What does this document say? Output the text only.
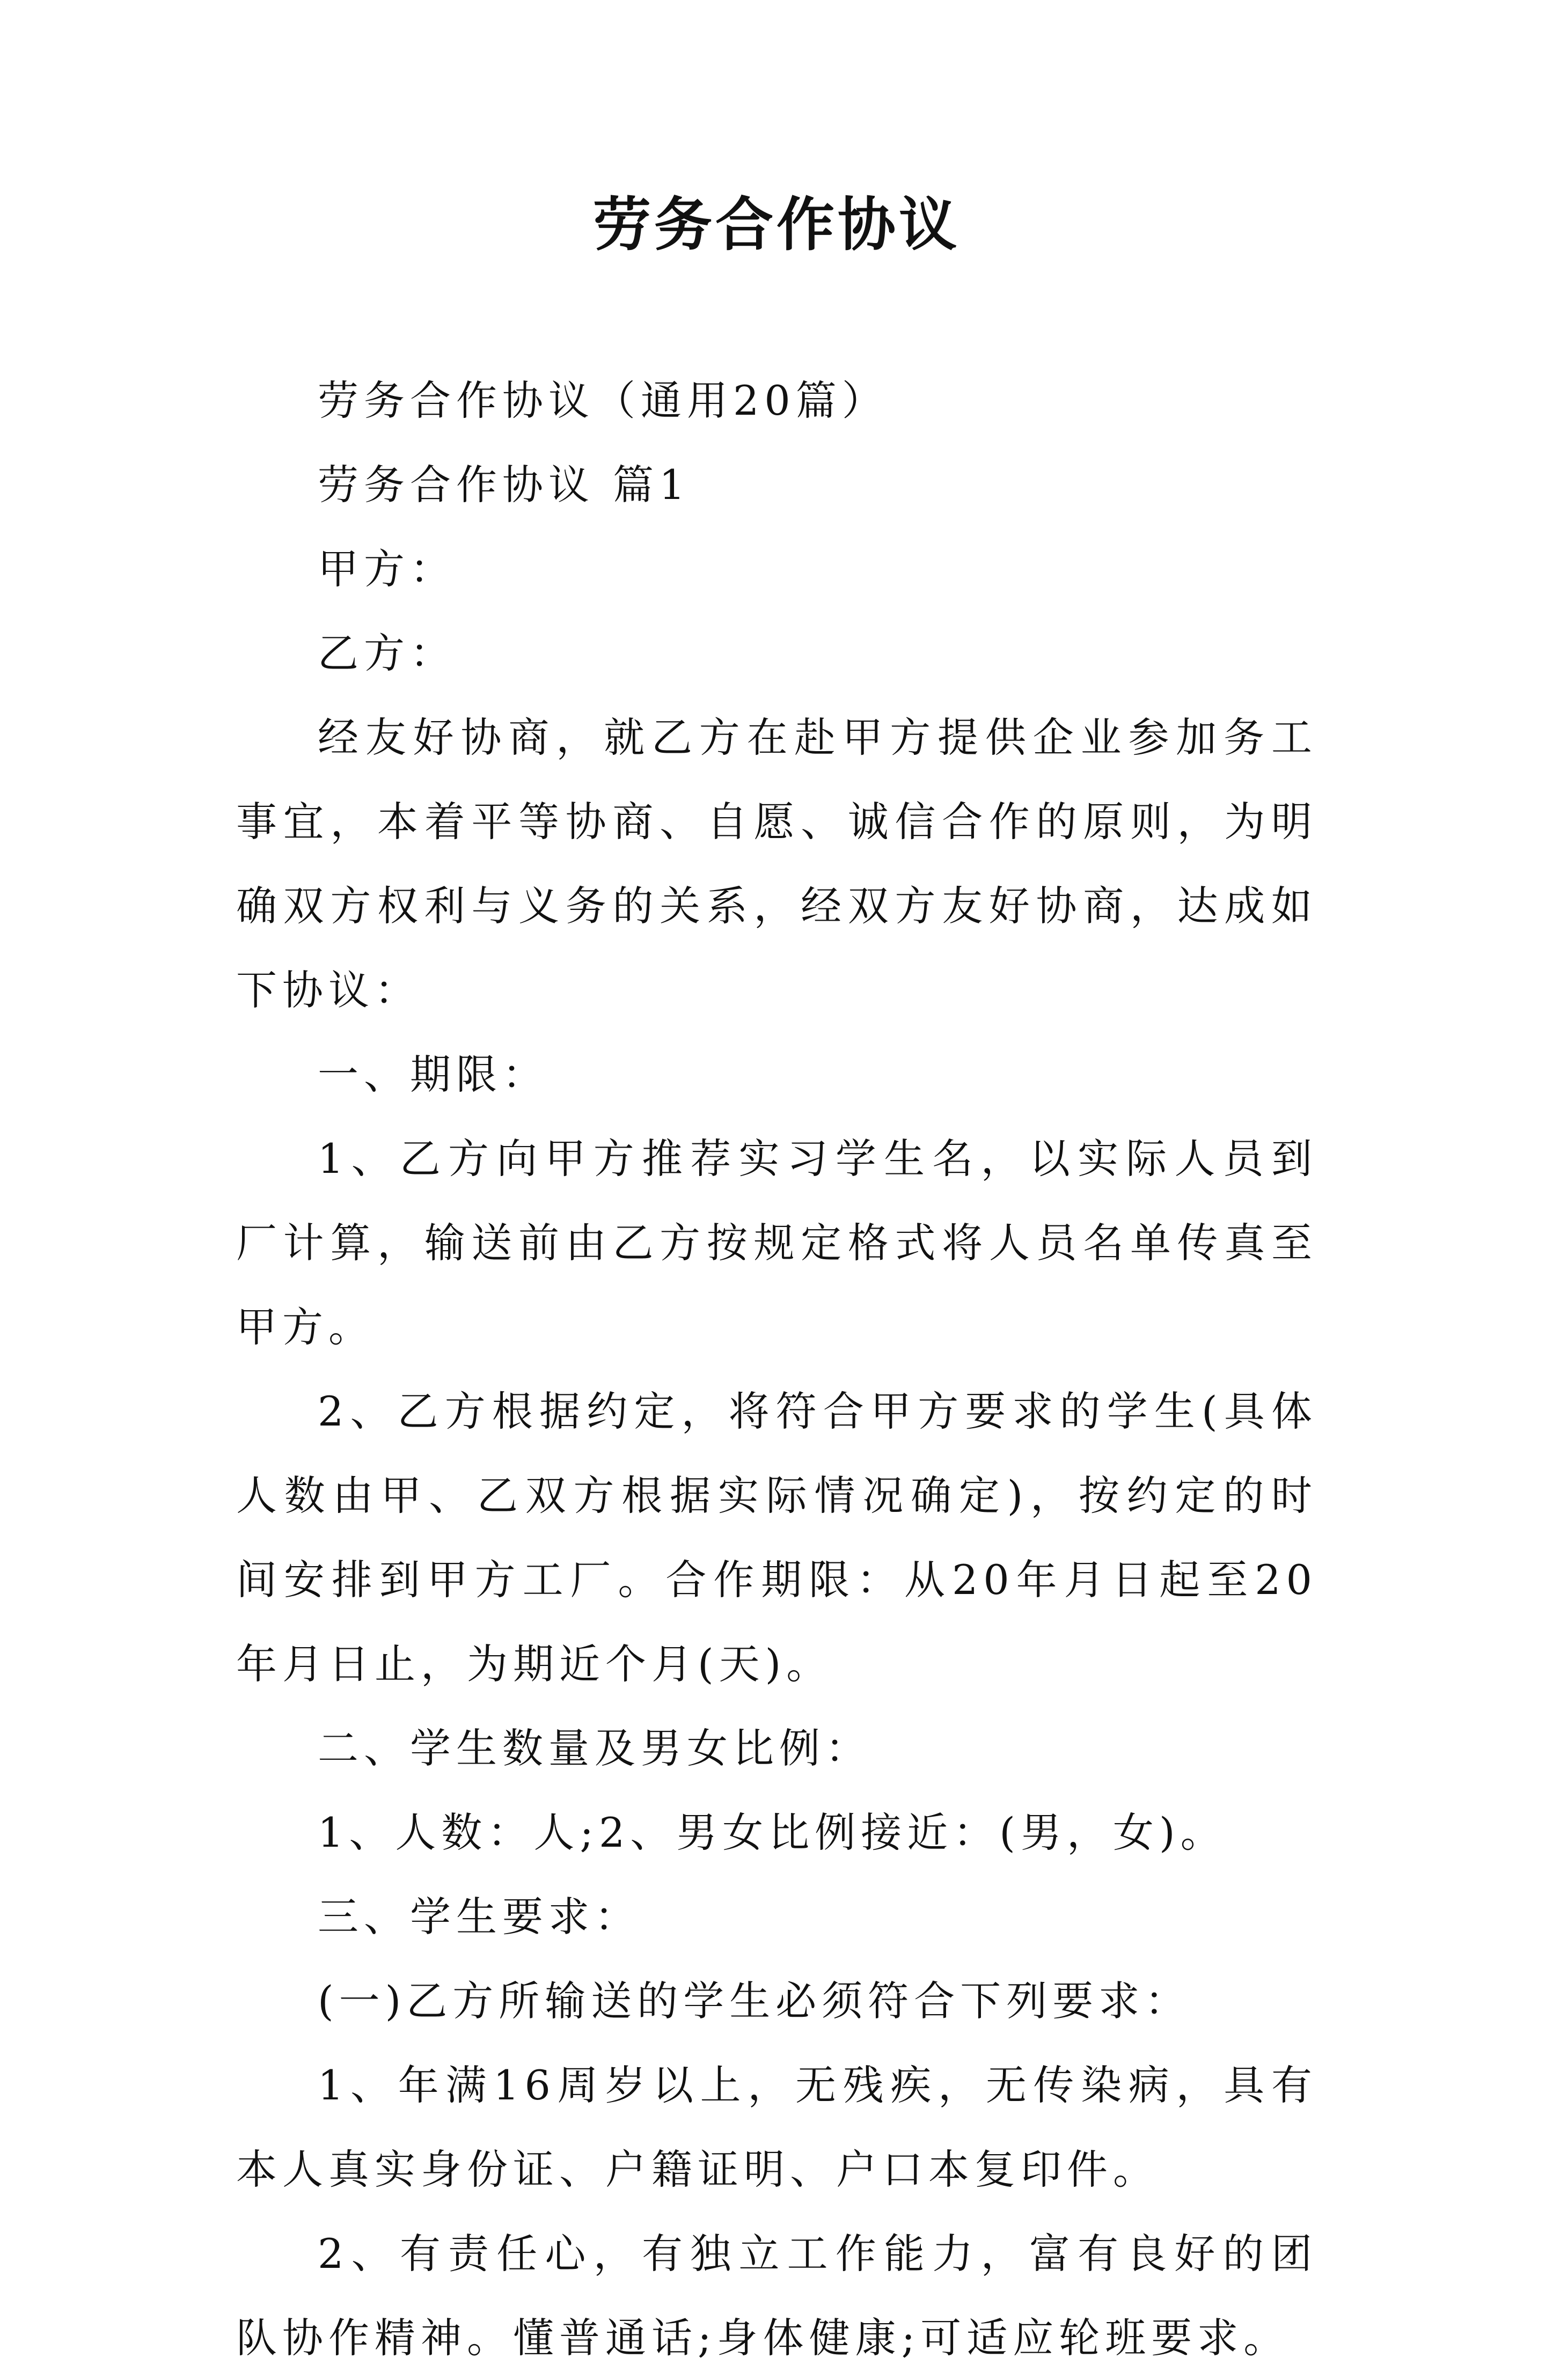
劳务合作协议

劳务合作协议（通用20篇）

劳务合作协议 篇1

甲方：

乙方：

经友好协商，就乙方在赴甲方提供企业参加务工事宜，本着平等协商、自愿、诚信合作的原则，为明确双方权利与义务的关系，经双方友好协商，达成如下协议：

一、期限：

1、乙方向甲方推荐实习学生名，以实际人员到厂计算，输送前由乙方按规定格式将人员名单传真至甲方。

2、乙方根据约定，将符合甲方要求的学生(具体人数由甲、乙双方根据实际情况确定)，按约定的时间安排到甲方工厂。合作期限：从20年月日起至20年月日止，为期近个月(天)。

二、学生数量及男女比例：

1、人数：人;2、男女比例接近：(男，女)。

三、学生要求：

(一)乙方所输送的学生必须符合下列要求：

1、年满16周岁以上，无残疾，无传染病，具有本人真实身份证、户籍证明、户口本复印件。

2、有责任心，有独立工作能力，富有良好的团队协作精神。懂普通话;身体健康;可适应轮班要求。
